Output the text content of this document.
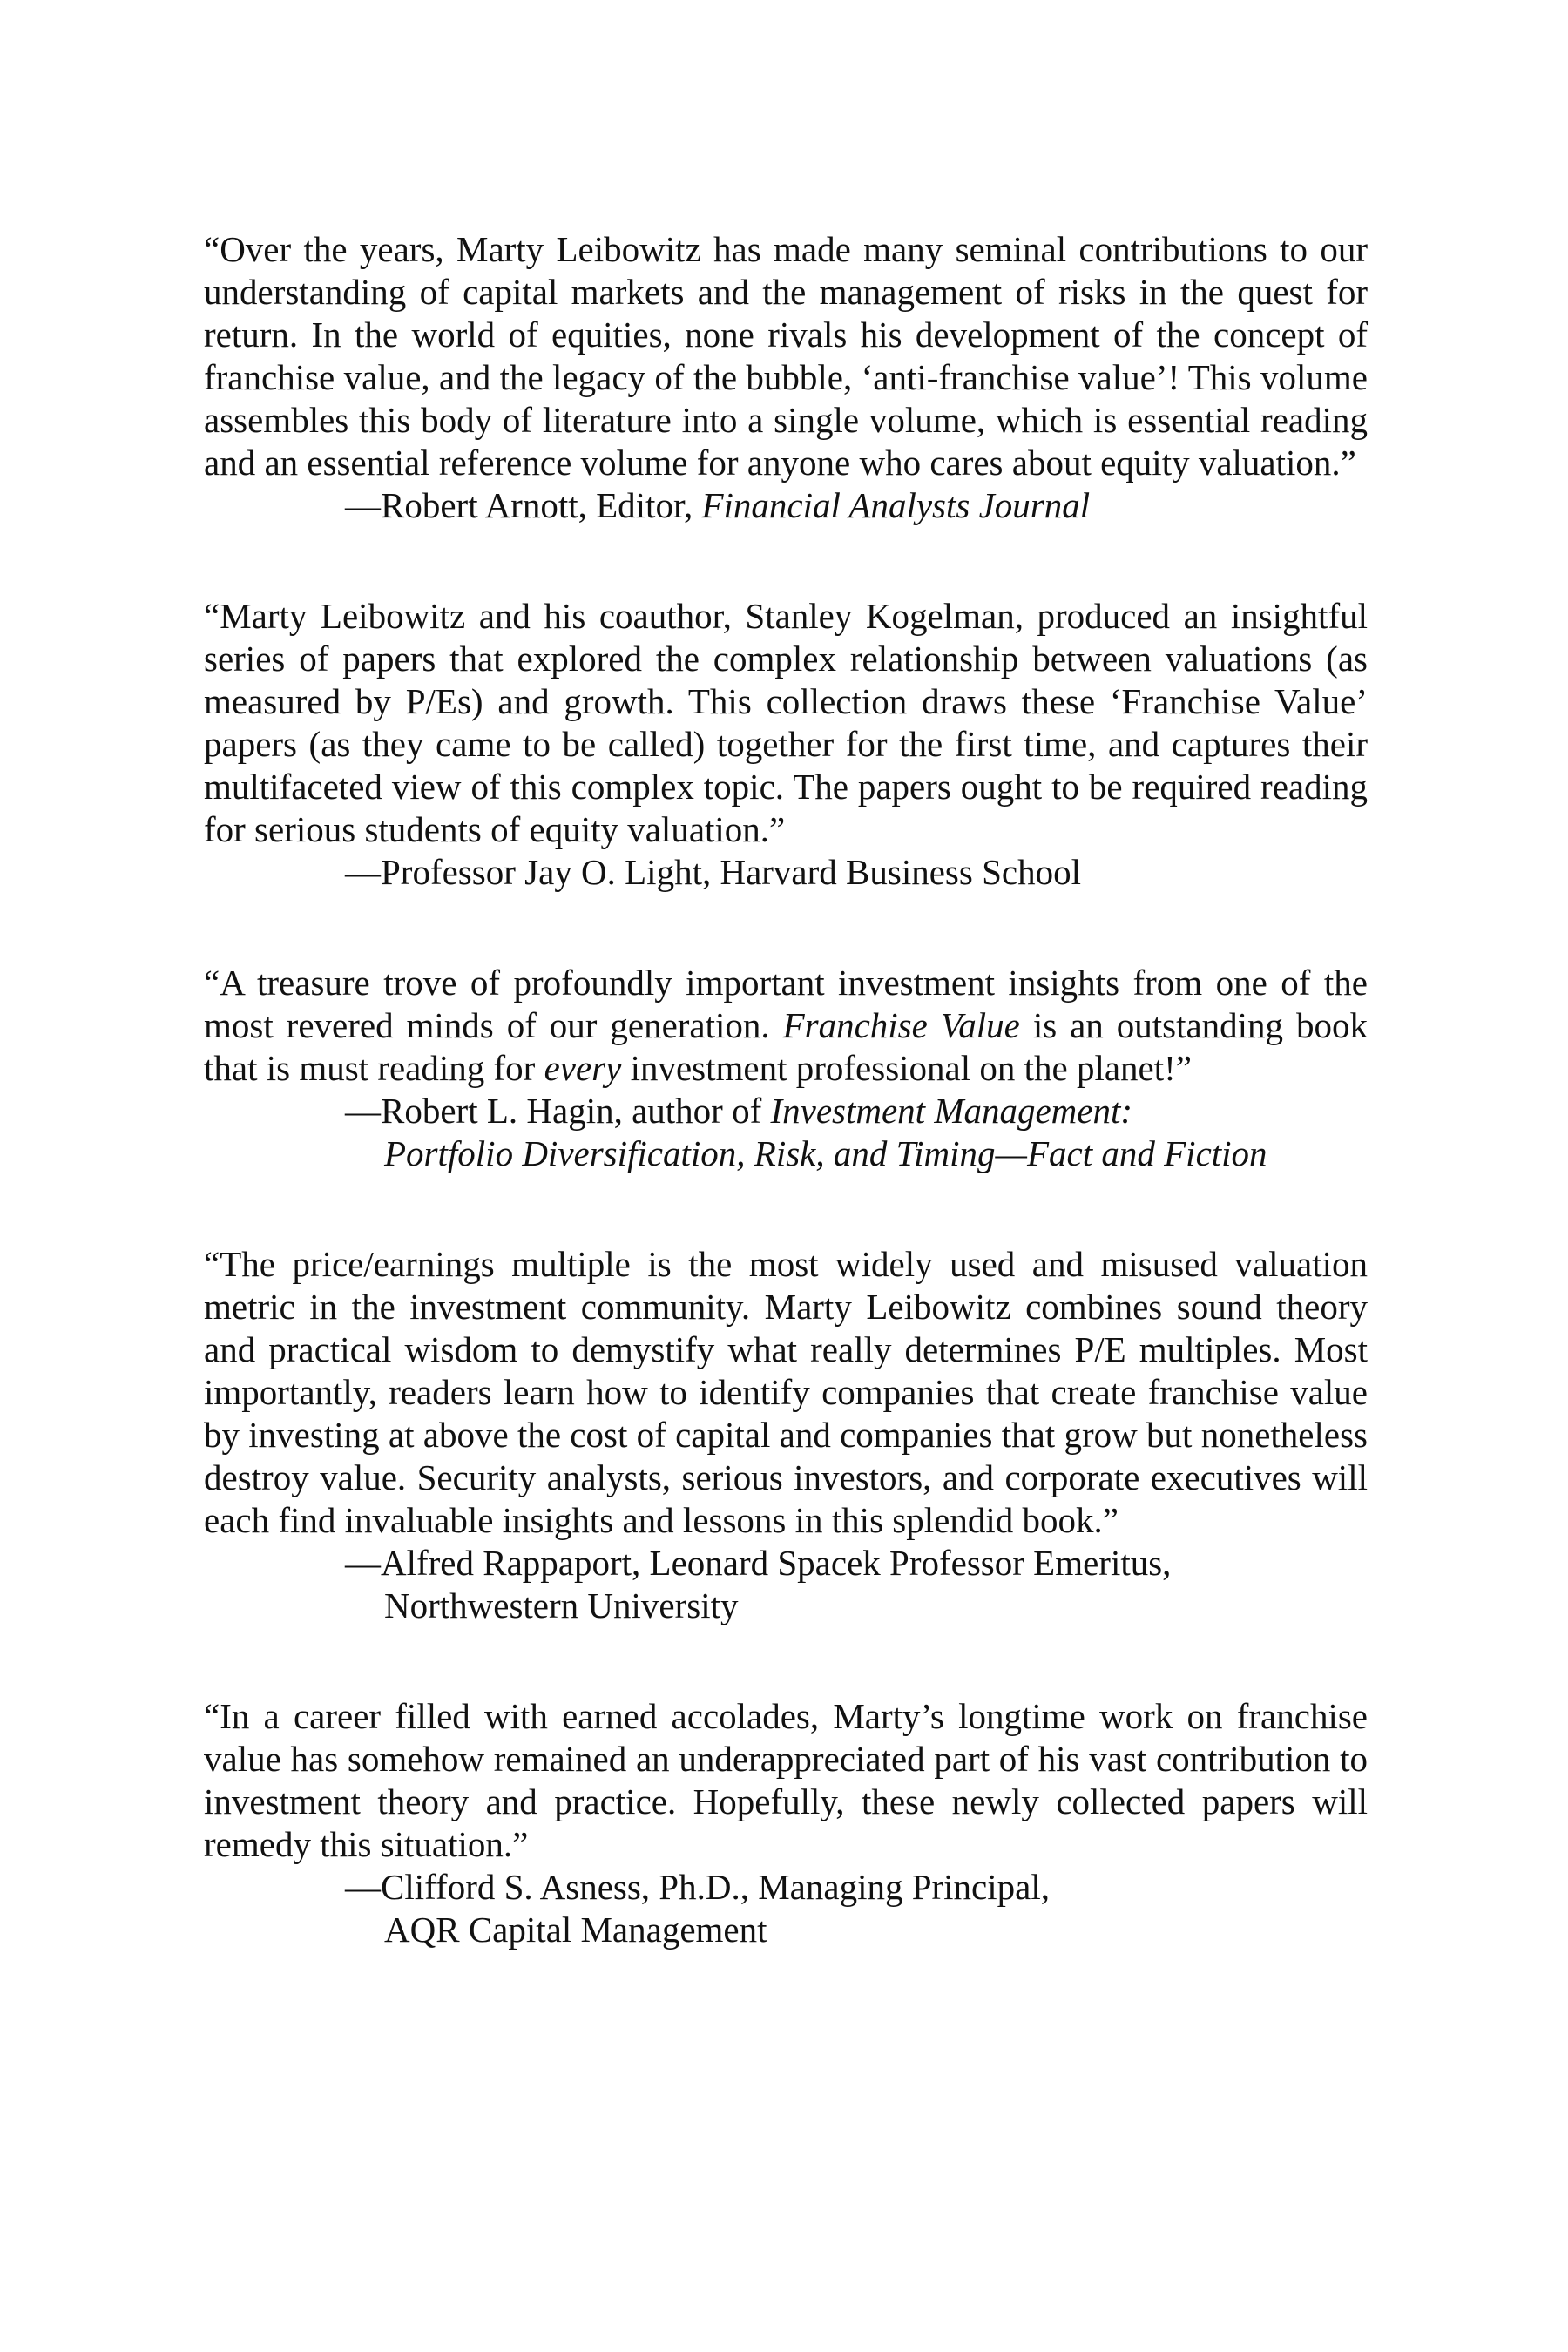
“Over the years, Marty Leibowitz has made many seminal contributions to our understanding of capital markets and the management of risks in the quest for return. In the world of equities, none rivals his development of the concept of franchise value, and the legacy of the bubble, ‘anti-franchise value’! This volume assembles this body of literature into a single volume, which is essential reading and an essential reference volume for anyone who cares about equity valuation.”

—Robert Arnott, Editor, Financial Analysts Journal

“Marty Leibowitz and his coauthor, Stanley Kogelman, produced an insightful series of papers that explored the complex relationship between valuations (as measured by P/Es) and growth. This collection draws these ‘Franchise Value’ papers (as they came to be called) together for the first time, and captures their multifaceted view of this complex topic. The papers ought to be required reading for serious students of equity valuation.”

—Professor Jay O. Light, Harvard Business School

“A treasure trove of profoundly important investment insights from one of the most revered minds of our generation. Franchise Value is an outstanding book that is must reading for every investment professional on the planet!”

—Robert L. Hagin, author of Investment Management:
Portfolio Diversification, Risk, and Timing—Fact and Fiction

“The price/earnings multiple is the most widely used and misused valuation metric in the investment community. Marty Leibowitz combines sound theory and practical wisdom to demystify what really determines P/E multiples. Most importantly, readers learn how to identify companies that create franchise value by investing at above the cost of capital and companies that grow but nonetheless destroy value. Security analysts, serious investors, and corporate executives will each find invaluable insights and lessons in this splendid book.”

—Alfred Rappaport, Leonard Spacek Professor Emeritus,
Northwestern University

“In a career filled with earned accolades, Marty’s longtime work on franchise value has somehow remained an underappreciated part of his vast contribution to investment theory and practice. Hopefully, these newly collected papers will remedy this situation.”

—Clifford S. Asness, Ph.D., Managing Principal,
AQR Capital Management
